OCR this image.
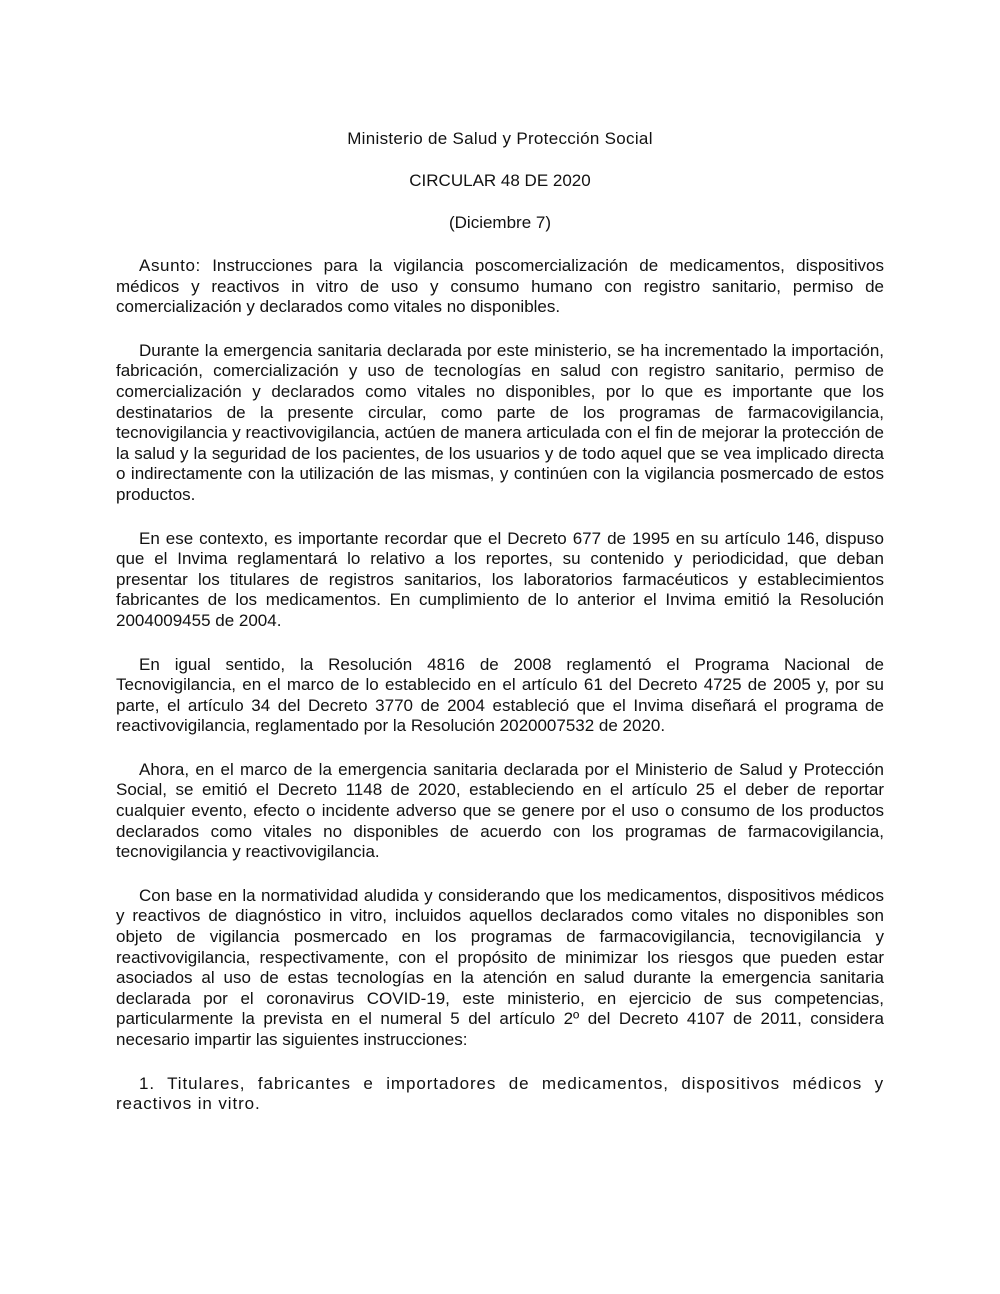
Ministerio de Salud y Protección Social

CIRCULAR 48 DE 2020

(Diciembre 7)

Asunto: Instrucciones para la vigilancia poscomercialización de medicamentos, dispositivos médicos y reactivos in vitro de uso y consumo humano con registro sanitario, permiso de comercialización y declarados como vitales no disponibles.

Durante la emergencia sanitaria declarada por este ministerio, se ha incrementado la importación, fabricación, comercialización y uso de tecnologías en salud con registro sanitario, permiso de comercialización y declarados como vitales no disponibles, por lo que es importante que los destinatarios de la presente circular, como parte de los programas de farmacovigilancia, tecnovigilancia y reactivovigilancia, actúen de manera articulada con el fin de mejorar la protección de la salud y la seguridad de los pacientes, de los usuarios y de todo aquel que se vea implicado directa o indirectamente con la utilización de las mismas, y continúen con la vigilancia posmercado de estos productos.

En ese contexto, es importante recordar que el Decreto 677 de 1995 en su artículo 146, dispuso que el Invima reglamentará lo relativo a los reportes, su contenido y periodicidad, que deban presentar los titulares de registros sanitarios, los laboratorios farmacéuticos y establecimientos fabricantes de los medicamentos. En cumplimiento de lo anterior el Invima emitió la Resolución 2004009455 de 2004.

En igual sentido, la Resolución 4816 de 2008 reglamentó el Programa Nacional de Tecnovigilancia, en el marco de lo establecido en el artículo 61 del Decreto 4725 de 2005 y, por su parte, el artículo 34 del Decreto 3770 de 2004 estableció que el Invima diseñará el programa de reactivovigilancia, reglamentado por la Resolución 2020007532 de 2020.

Ahora, en el marco de la emergencia sanitaria declarada por el Ministerio de Salud y Protección Social, se emitió el Decreto 1148 de 2020, estableciendo en el artículo 25 el deber de reportar cualquier evento, efecto o incidente adverso que se genere por el uso o consumo de los productos declarados como vitales no disponibles de acuerdo con los programas de farmacovigilancia, tecnovigilancia y reactivovigilancia.

Con base en la normatividad aludida y considerando que los medicamentos, dispositivos médicos y reactivos de diagnóstico in vitro, incluidos aquellos declarados como vitales no disponibles son objeto de vigilancia posmercado en los programas de farmacovigilancia, tecnovigilancia y reactivovigilancia, respectivamente, con el propósito de minimizar los riesgos que pueden estar asociados al uso de estas tecnologías en la atención en salud durante la emergencia sanitaria declarada por el coronavirus COVID-19, este ministerio, en ejercicio de sus competencias, particularmente la prevista en el numeral 5 del artículo 2º del Decreto 4107 de 2011, considera necesario impartir las siguientes instrucciones:

1. Titulares, fabricantes e importadores de medicamentos, dispositivos médicos y reactivos in vitro.
